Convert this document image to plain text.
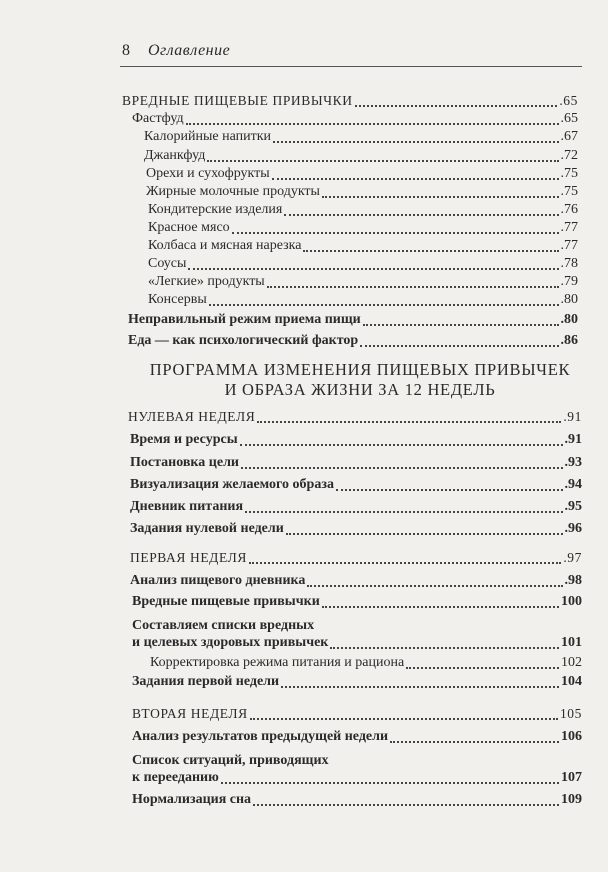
8 Оглавление
ВРЕДНЫЕ ПИЩЕВЫЕ ПРИВЫЧКИ	.65
Фастфуд	.65
Калорийные напитки	.67
Джанкфуд	.72
Орехи и сухофрукты	.75
Жирные молочные продукты	.75
Кондитерские изделия	.76
Красное мясо	.77
Колбаса и мясная нарезка	.77
Соусы	.78
«Легкие» продукты	.79
Консервы	.80
Неправильный режим приема пищи	.80
Еда — как психологический фактор	.86
ПРОГРАММА ИЗМЕНЕНИЯ ПИЩЕВЫХ ПРИВЫЧЕК
И ОБРАЗА ЖИЗНИ ЗА 12 НЕДЕЛЬ
НУЛЕВАЯ НЕДЕЛЯ	.91
Время и ресурсы	.91
Постановка цели	.93
Визуализация желаемого образа	.94
Дневник питания	.95
Задания нулевой недели	.96
ПЕРВАЯ НЕДЕЛЯ	.97
Анализ пищевого дневника	.98
Вредные пищевые привычки	100
Составляем списки вредных
и целевых здоровых привычек	101
Корректировка режима питания и рациона	102
Задания первой недели	104
ВТОРАЯ НЕДЕЛЯ	105
Анализ результатов предыдущей недели	106
Список ситуаций, приводящих
к перееданию	107
Нормализация сна	109
